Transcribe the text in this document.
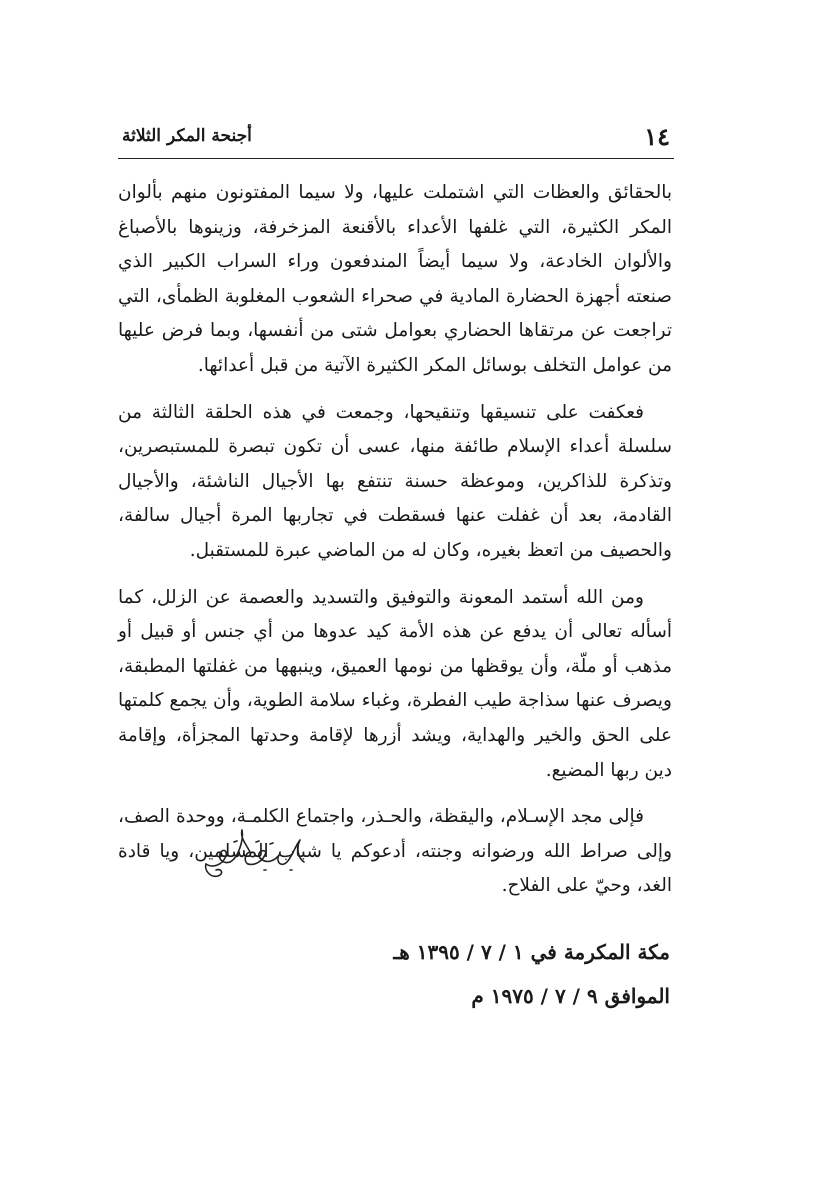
١٤
أجنحة المكر الثلاثة

بالحقائق والعظات التي اشتملت عليها، ولا سيما المفتونون منهم بألوان المكر الكثيرة، التي غلفها الأعداء بالأقنعة المزخرفة، وزينوها بالأصباغ والألوان الخادعة، ولا سيما أيضاً المندفعون وراء السراب الكبير الذي صنعته أجهزة الحضارة المادية في صحراء الشعوب المغلوبة الظمأى، التي تراجعت عن مرتقاها الحضاري بعوامل شتى من أنفسها، وبما فرض عليها من عوامل التخلف بوسائل المكر الكثيرة الآتية من قبل أعدائها.

فعكفت على تنسيقها وتنقيحها، وجمعت في هذه الحلقة الثالثة من سلسلة أعداء الإسلام طائفة منها، عسى أن تكون تبصرة للمستبصرين، وتذكرة للذاكرين، وموعظة حسنة تنتفع بها الأجيال الناشئة، والأجيال القادمة، بعد أن غفلت عنها فسقطت في تجاربها المرة أجيال سالفة، والحصيف من اتعظ بغيره، وكان له من الماضي عبرة للمستقبل.

ومن الله أستمد المعونة والتوفيق والتسديد والعصمة عن الزلل، كما أسأله تعالى أن يدفع عن هذه الأمة كيد عدوها من أي جنس أو قبيل أو مذهب أو ملّة، وأن يوقظها من نومها العميق، وينبهها من غفلتها المطبقة، ويصرف عنها سذاجة طيب الفطرة، وغباء سلامة الطوية، وأن يجمع كلمتها على الحق والخير والهداية، ويشد أزرها لإقامة وحدتها المجزأة، وإقامة دين ربها المضيع.

فإلى مجد الإسـلام، واليقظة، والحـذر، واجتماع الكلمـة، ووحدة الصف، وإلى صراط الله ورضوانه وجنته، أدعوكم يا شباب المسلمين، ويا قادة الغد، وحيّ على الفلاح.

مكة المكرمة في ١ / ٧ / ١٣٩٥ هـ
الموافق ٩ / ٧ / ١٩٧٥ م
